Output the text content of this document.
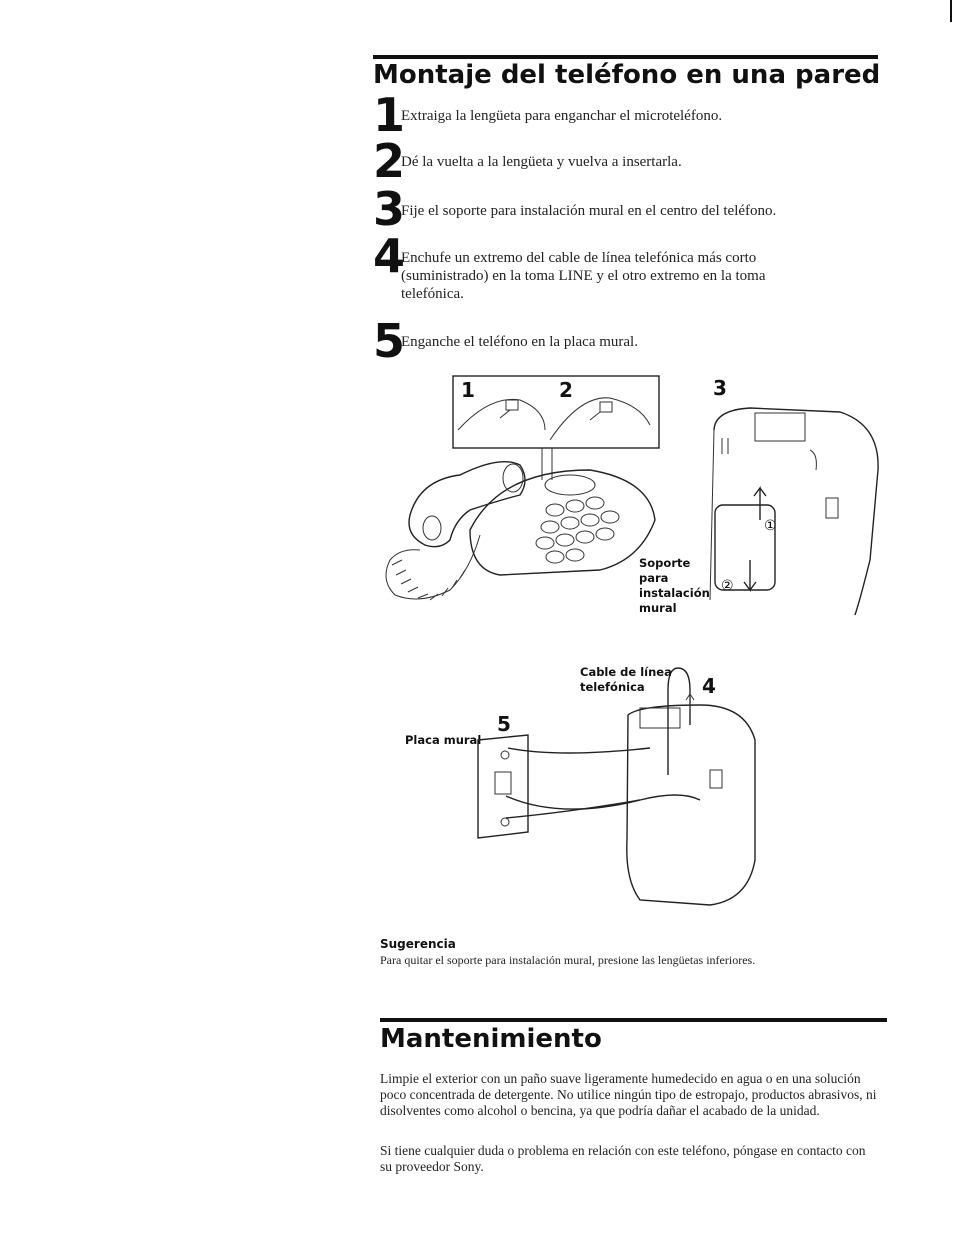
Montaje del teléfono en una pared
1
Extraiga la lengüeta para enganchar el microteléfono.
2
Dé la vuelta a la lengüeta y vuelva a insertarla.
3
Fije el soporte para instalación mural en el centro del teléfono.
4
Enchufe un extremo del cable de línea telefónica más corto (suministrado) en la toma LINE y el otro extremo en la toma telefónica.
5
Enganche el teléfono en la placa mural.
1	2	3
①
②
Soporte para instalación mural
Cable de línea telefónica	4
5
Placa mural
Sugerencia
Para quitar el soporte para instalación mural, presione las lengüetas inferiores.
Mantenimiento

Limpie el exterior con un paño suave ligeramente humedecido en agua o en una solución poco concentrada de detergente. No utilice ningún tipo de estropajo, productos abrasivos, ni disolventes como alcohol o bencina, ya que podría dañar el acabado de la unidad.

Si tiene cualquier duda o problema en relación con este teléfono, póngase en contacto con su proveedor Sony.
